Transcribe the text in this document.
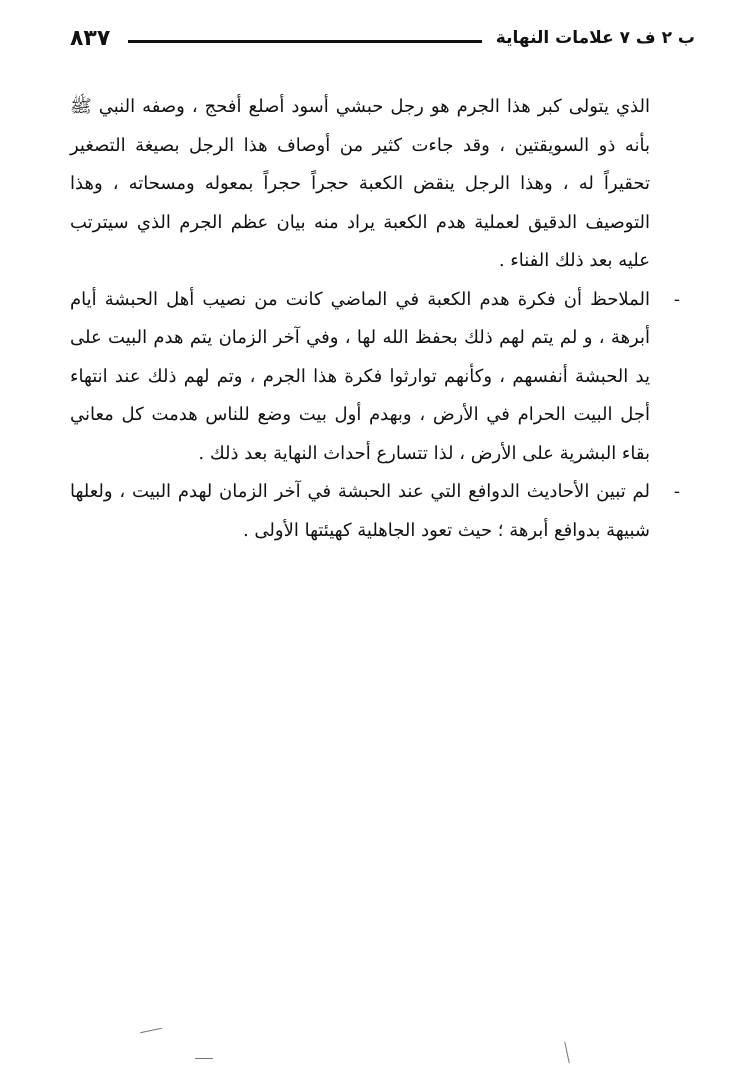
ب ٢ ف ٧ علامات النهاية
٨٣٧

الذي يتولى كبر هذا الجرم هو رجل حبشي أسود أصلع أفحج ، وصفه النبي ﷺ بأنه ذو السويقتين ، وقد جاءت كثير من أوصاف هذا الرجل بصيغة التصغير تحقيراً له ، وهذا الرجل ينقض الكعبة حجراً حجراً بمعوله ومسحاته ، وهذا التوصيف الدقيق لعملية هدم الكعبة يراد منه بيان عظم الجرم الذي سيترتب عليه بعد ذلك الفناء .

-
الملاحظ أن فكرة هدم الكعبة في الماضي كانت من نصيب أهل الحبشة أيام أبرهة ، و لم يتم لهم ذلك بحفظ الله لها ، وفي آخر الزمان يتم هدم البيت على يد الحبشة أنفسهم ، وكأنهم توارثوا فكرة هذا الجرم ، وتم لهم ذلك عند انتهاء أجل البيت الحرام في الأرض ، وبهدم أول بيت وضع للناس هدمت كل معاني بقاء البشرية على الأرض ، لذا تتسارع أحداث النهاية بعد ذلك .
-
لم تبين الأحاديث الدوافع التي عند الحبشة في آخر الزمان لهدم البيت ، ولعلها شبيهة بدوافع أبرهة ؛ حيث تعود الجاهلية كهيئتها الأولى .
